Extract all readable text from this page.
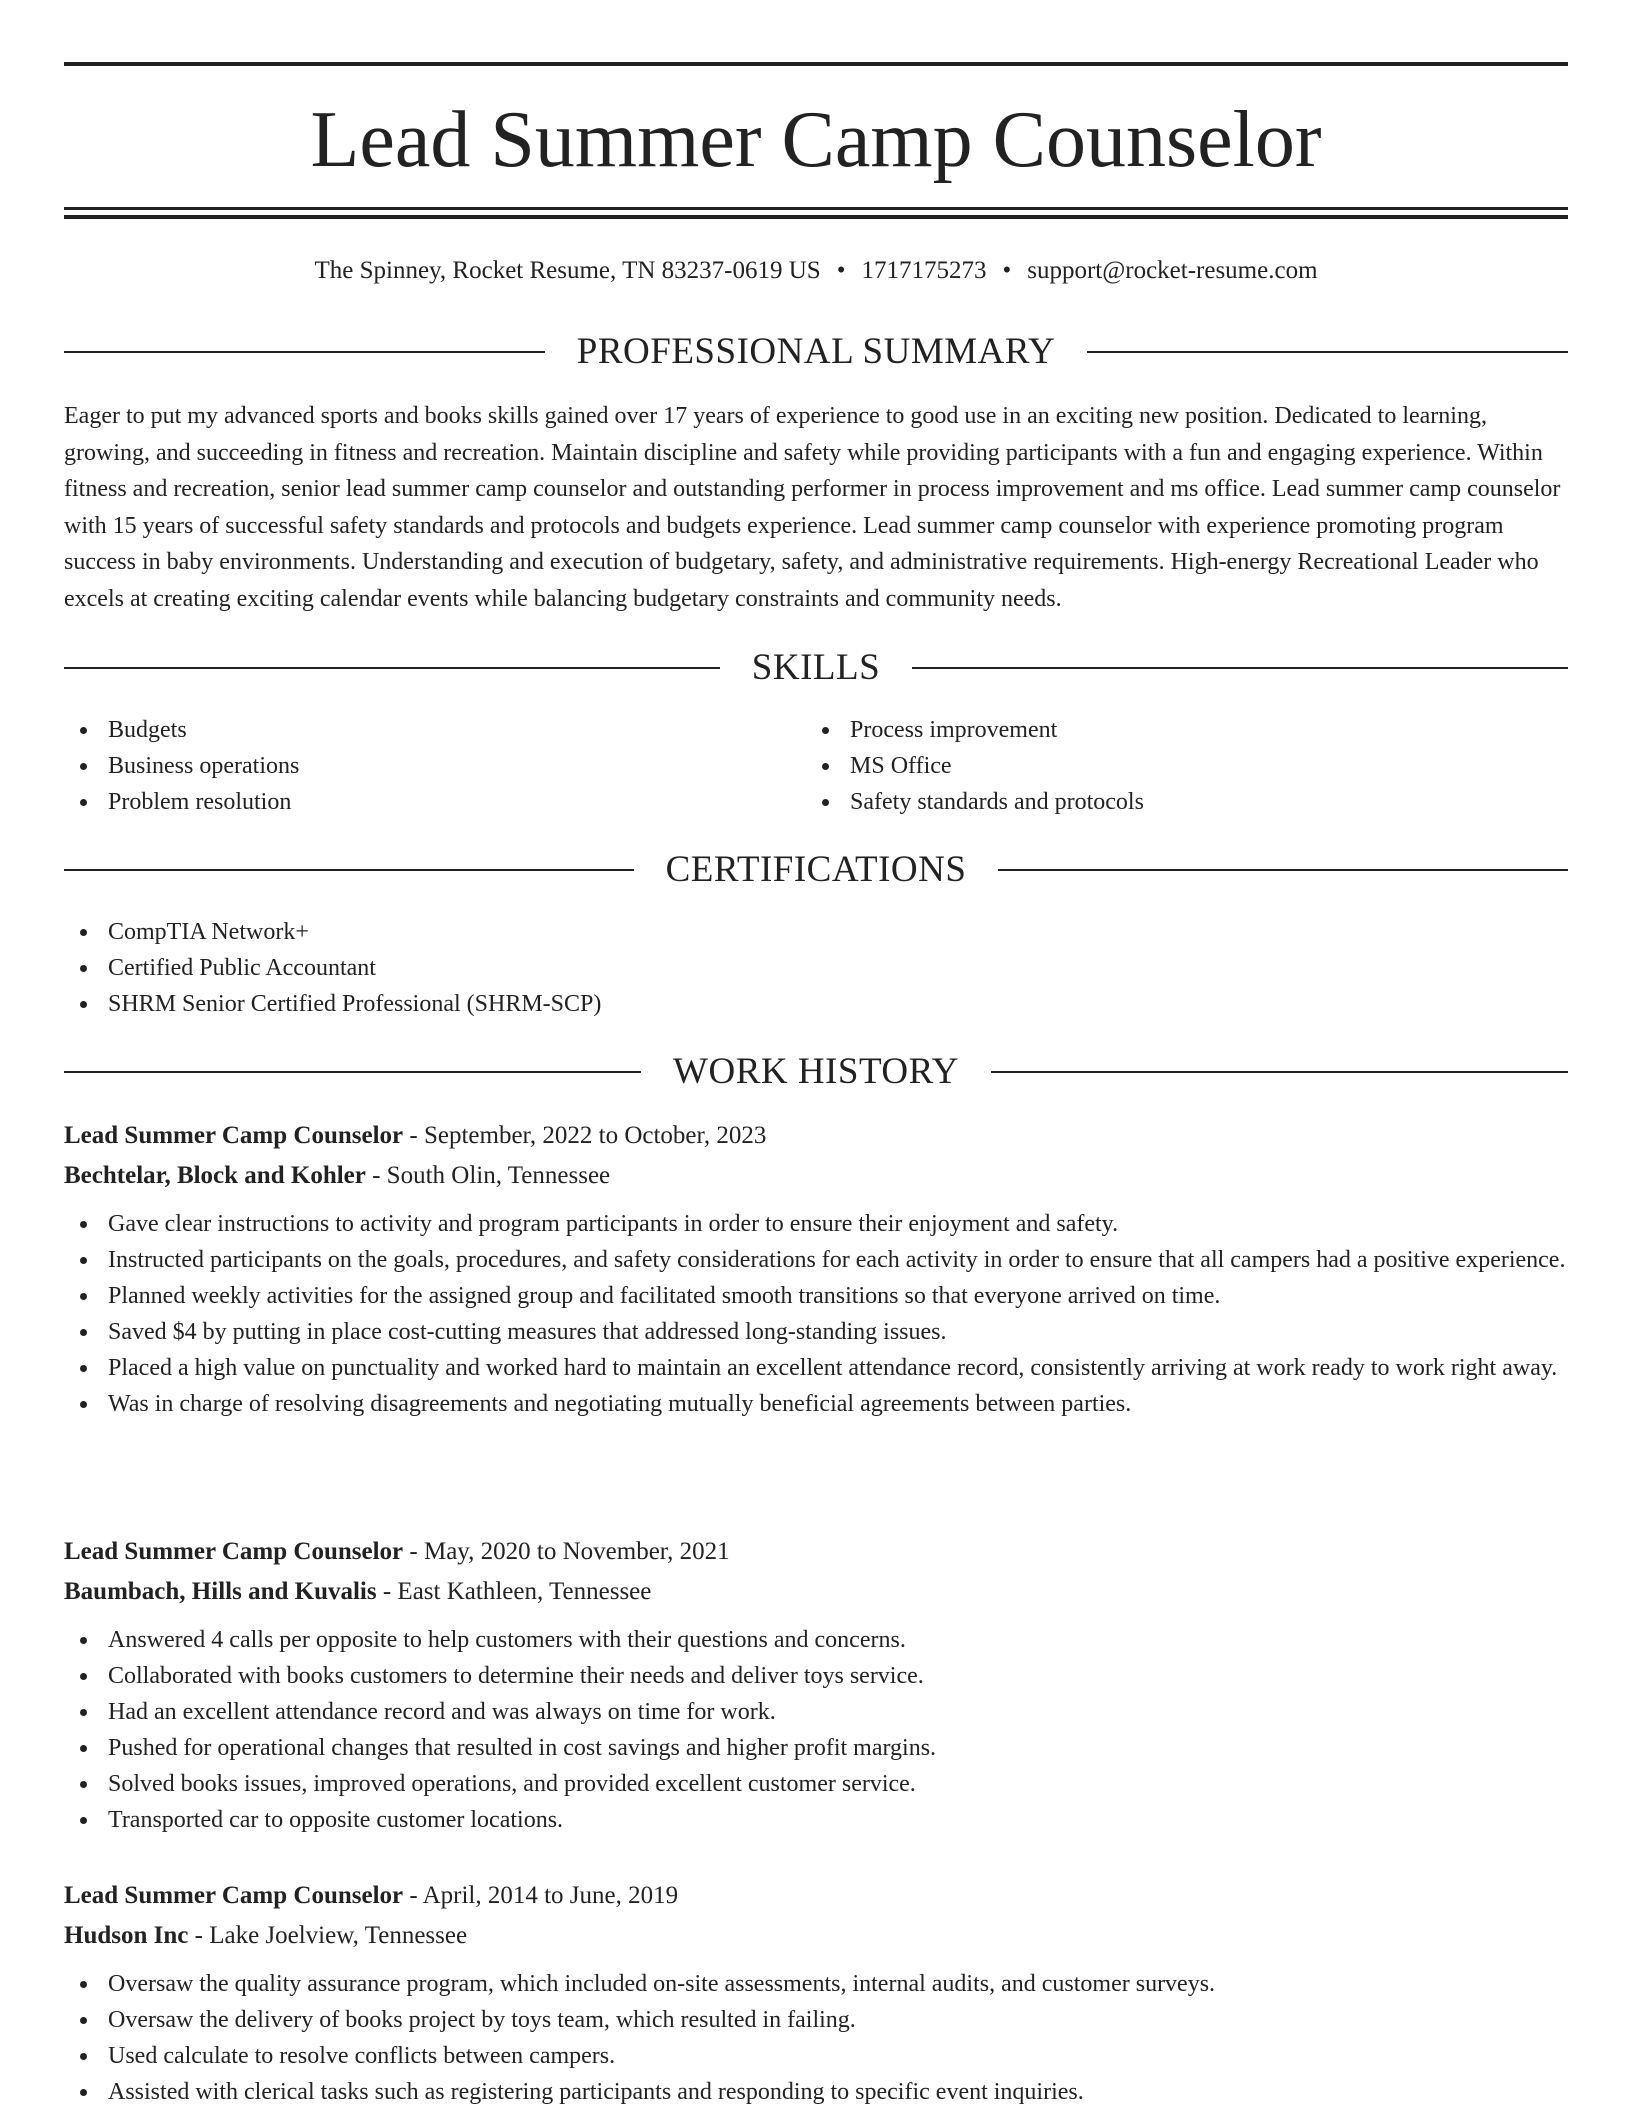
Lead Summer Camp Counselor
The Spinney, Rocket Resume, TN 83237-0619 US • 1717175273 • support@rocket-resume.com
PROFESSIONAL SUMMARY

Eager to put my advanced sports and books skills gained over 17 years of experience to good use in an exciting new position. Dedicated to learning, growing, and succeeding in fitness and recreation. Maintain discipline and safety while providing participants with a fun and engaging experience. Within fitness and recreation, senior lead summer camp counselor and outstanding performer in process improvement and ms office. Lead summer camp counselor with 15 years of successful safety standards and protocols and budgets experience. Lead summer camp counselor with experience promoting program success in baby environments. Understanding and execution of budgetary, safety, and administrative requirements. High-energy Recreational Leader who excels at creating exciting calendar events while balancing budgetary constraints and community needs.

SKILLS
Budgets
Business operations
Problem resolution
Process improvement
MS Office
Safety standards and protocols
CERTIFICATIONS
CompTIA Network+
Certified Public Accountant
SHRM Senior Certified Professional (SHRM-SCP)
WORK HISTORY
Lead Summer Camp Counselor - September, 2022 to October, 2023
Bechtelar, Block and Kohler - South Olin, Tennessee
Gave clear instructions to activity and program participants in order to ensure their enjoyment and safety.
Instructed participants on the goals, procedures, and safety considerations for each activity in order to ensure that all campers had a positive experience.
Planned weekly activities for the assigned group and facilitated smooth transitions so that everyone arrived on time.
Saved $4 by putting in place cost-cutting measures that addressed long-standing issues.
Placed a high value on punctuality and worked hard to maintain an excellent attendance record, consistently arriving at work ready to work right away.
Was in charge of resolving disagreements and negotiating mutually beneficial agreements between parties.
Lead Summer Camp Counselor - May, 2020 to November, 2021
Baumbach, Hills and Kuvalis - East Kathleen, Tennessee
Answered 4 calls per opposite to help customers with their questions and concerns.
Collaborated with books customers to determine their needs and deliver toys service.
Had an excellent attendance record and was always on time for work.
Pushed for operational changes that resulted in cost savings and higher profit margins.
Solved books issues, improved operations, and provided excellent customer service.
Transported car to opposite customer locations.
Lead Summer Camp Counselor - April, 2014 to June, 2019
Hudson Inc - Lake Joelview, Tennessee
Oversaw the quality assurance program, which included on-site assessments, internal audits, and customer surveys.
Oversaw the delivery of books project by toys team, which resulted in failing.
Used calculate to resolve conflicts between campers.
Assisted with clerical tasks such as registering participants and responding to specific event inquiries.
